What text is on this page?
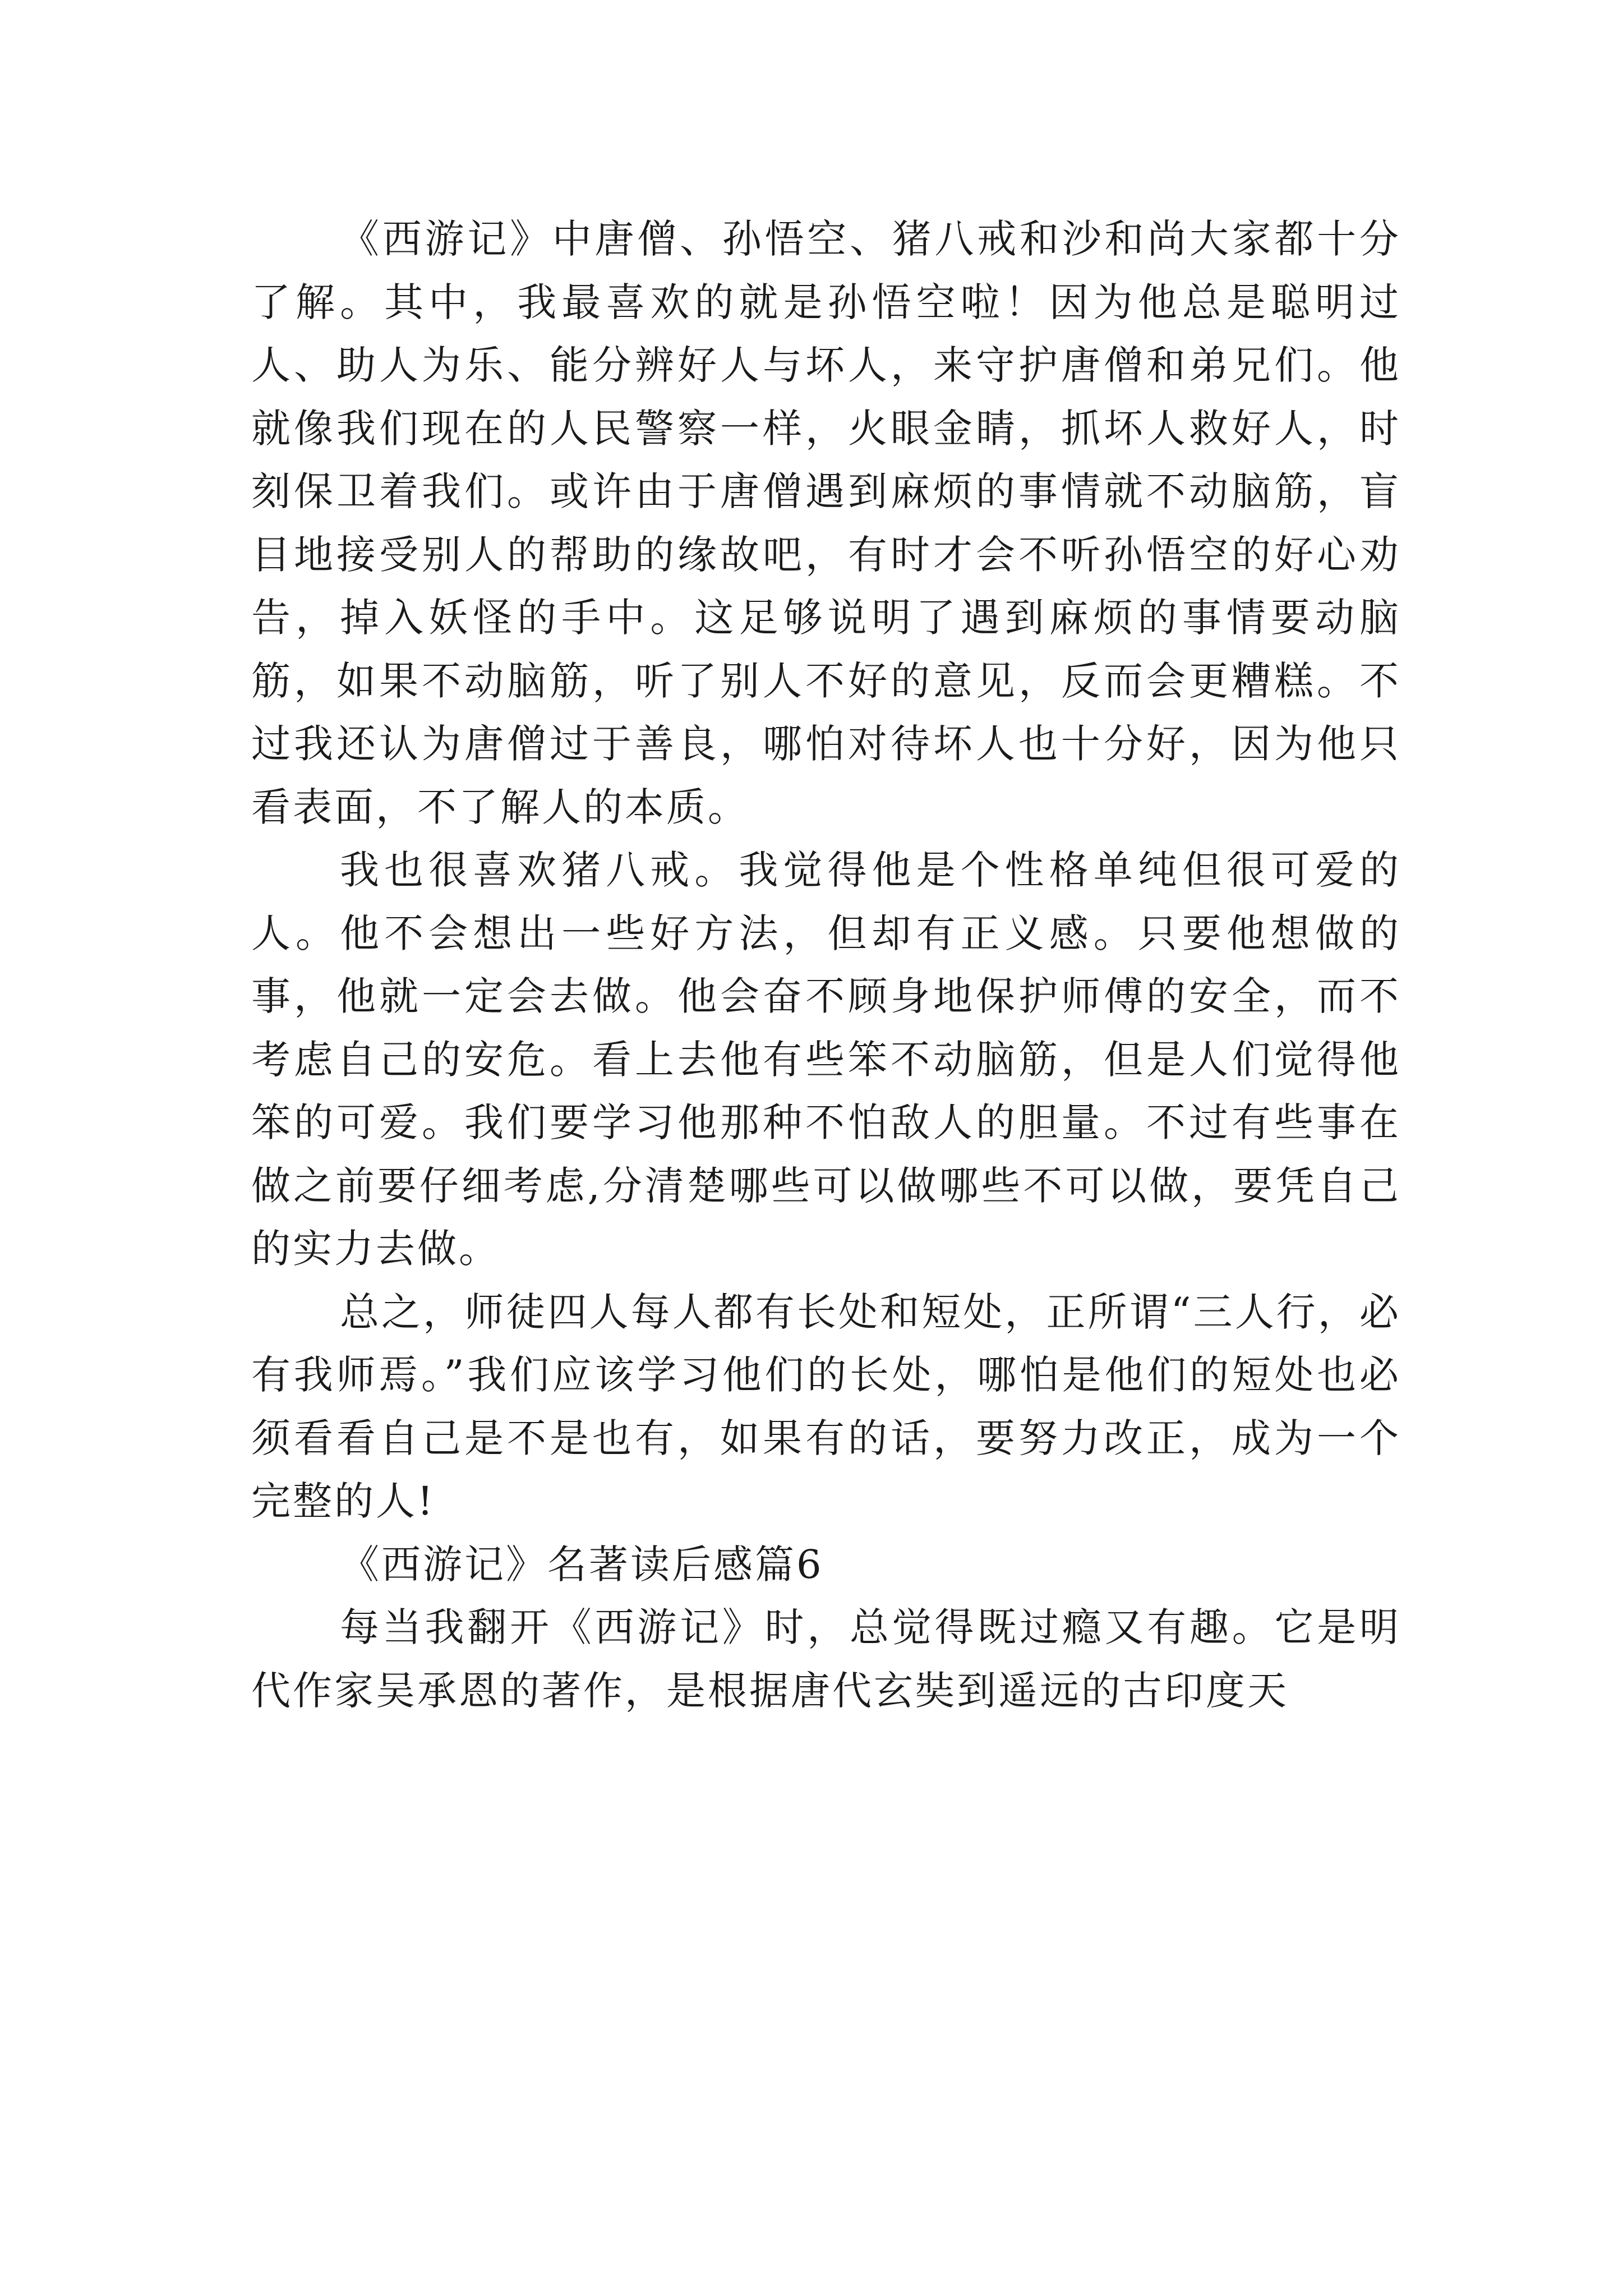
《西游记》中唐僧、孙悟空、猪八戒和沙和尚大家都十分了解。其中，我最喜欢的就是孙悟空啦！因为他总是聪明过人、助人为乐、能分辨好人与坏人，来守护唐僧和弟兄们。他就像我们现在的人民警察一样，火眼金睛，抓坏人救好人，时刻保卫着我们。或许由于唐僧遇到麻烦的事情就不动脑筋，盲目地接受别人的帮助的缘故吧，有时才会不听孙悟空的好心劝告，掉入妖怪的手中。这足够说明了遇到麻烦的事情要动脑筋，如果不动脑筋，听了别人不好的意见，反而会更糟糕。不过我还认为唐僧过于善良，哪怕对待坏人也十分好，因为他只看表面，不了解人的本质。

我也很喜欢猪八戒。我觉得他是个性格单纯但很可爱的人。他不会想出一些好方法，但却有正义感。只要他想做的事，他就一定会去做。他会奋不顾身地保护师傅的安全，而不考虑自己的安危。看上去他有些笨不动脑筋，但是人们觉得他笨的可爱。我们要学习他那种不怕敌人的胆量。不过有些事在做之前要仔细考虑,分清楚哪些可以做哪些不可以做，要凭自己的实力去做。

总之，师徒四人每人都有长处和短处，正所谓“三人行，必有我师焉。”我们应该学习他们的长处，哪怕是他们的短处也必须看看自己是不是也有，如果有的话，要努力改正，成为一个完整的人!

《西游记》名著读后感篇6

每当我翻开《西游记》时，总觉得既过瘾又有趣。它是明代作家吴承恩的著作，是根据唐代玄奘到遥远的古印度天
